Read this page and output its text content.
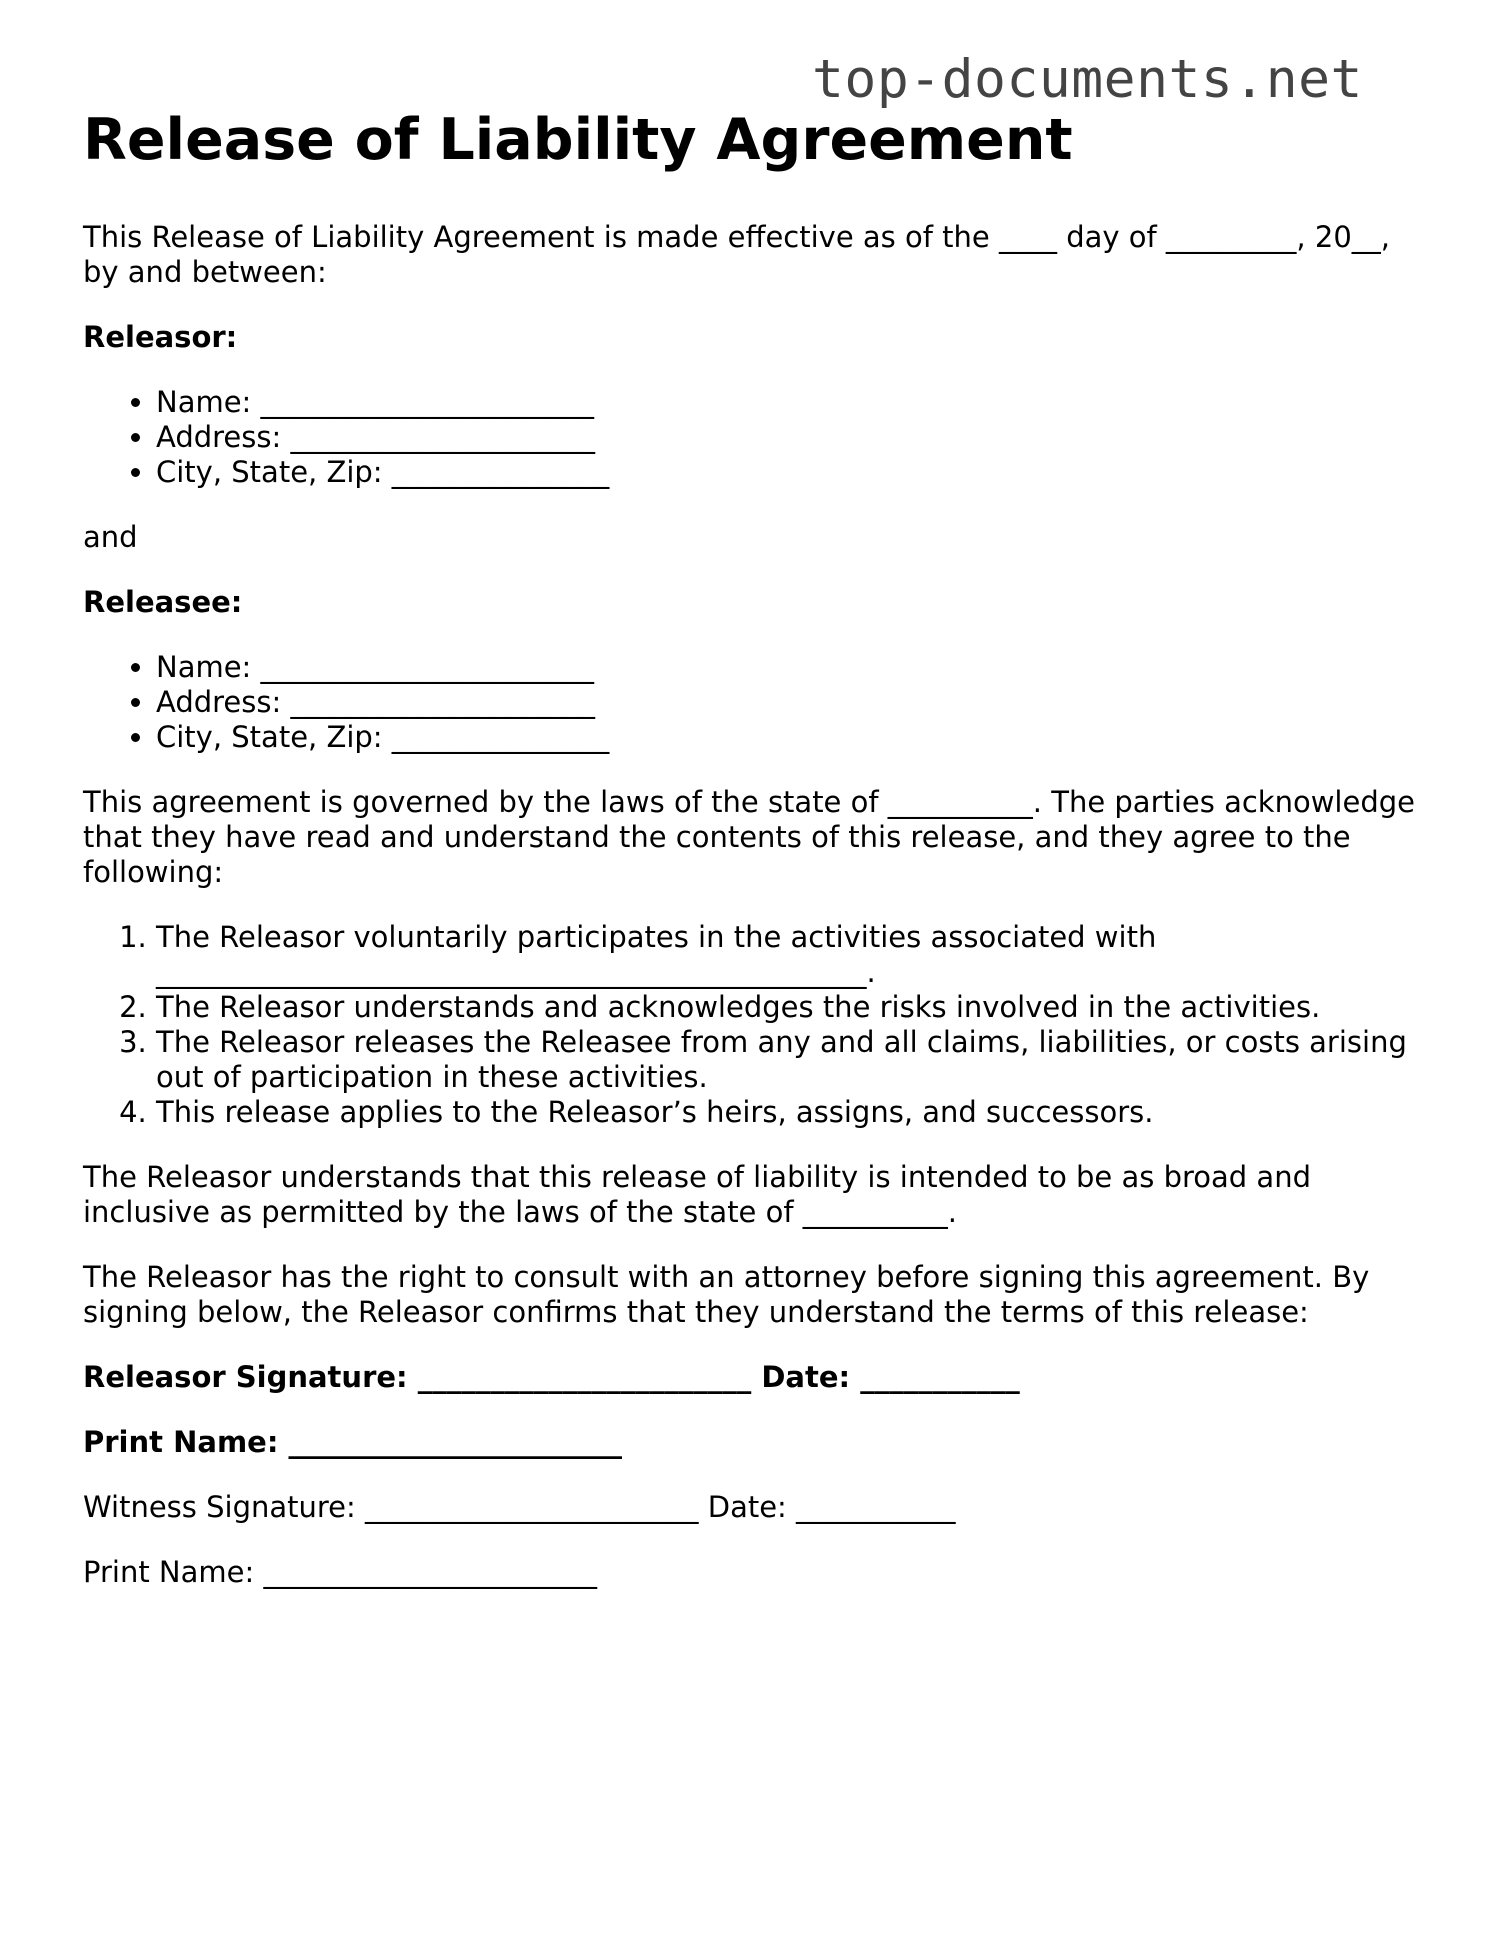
top-documents.net
Release of Liability Agreement

This Release of Liability Agreement is made effective as of the ____ day of _________, 20__, by and between:

Releasor:

• Name: _______________________
• Address: _____________________
• City, State, Zip: _______________

and

Releasee:

• Name: _______________________
• Address: _____________________
• City, State, Zip: _______________

This agreement is governed by the laws of the state of __________. The parties acknowledge that they have read and understand the contents of this release, and they agree to the following:

1. The Releasor voluntarily participates in the activities associated with _________________________________________________.
2. The Releasor understands and acknowledges the risks involved in the activities.
3. The Releasor releases the Releasee from any and all claims, liabilities, or costs arising out of participation in these activities.
4. This release applies to the Releasor’s heirs, assigns, and successors.

The Releasor understands that this release of liability is intended to be as broad and inclusive as permitted by the laws of the state of __________.

The Releasor has the right to consult with an attorney before signing this agreement. By signing below, the Releasor confirms that they understand the terms of this release:

Releasor Signature: _______________________ Date: ___________

Print Name: _______________________

Witness Signature: _______________________ Date: ___________

Print Name: _______________________
